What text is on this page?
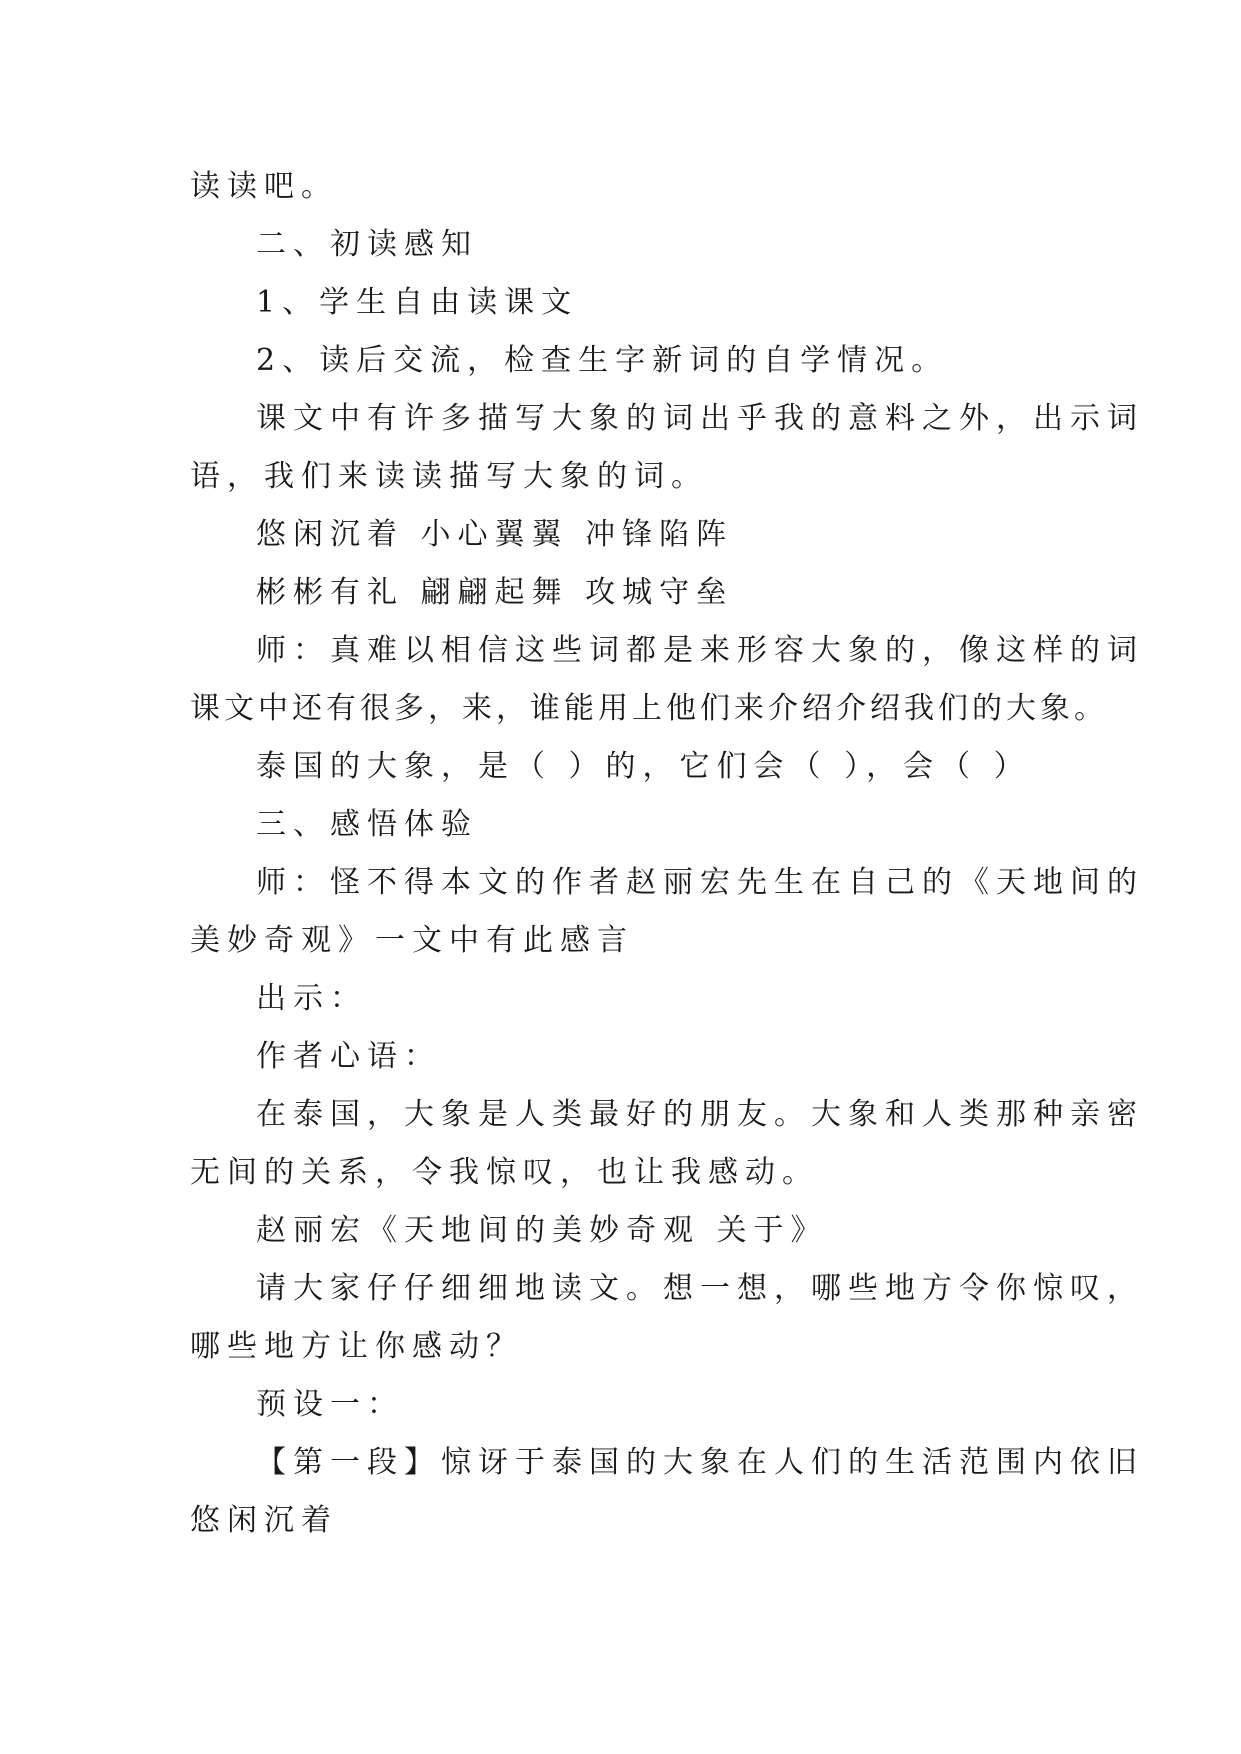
读读吧。
二、初读感知
1、学生自由读课文
2、读后交流，检查生字新词的自学情况。
课文中有许多描写大象的词出乎我的意料之外，出示词
语，我们来读读描写大象的词。
悠闲沉着 小心翼翼 冲锋陷阵
彬彬有礼 翩翩起舞 攻城守垒
师：真难以相信这些词都是来形容大象的，像这样的词
课文中还有很多，来，谁能用上他们来介绍介绍我们的大象。
泰国的大象，是（ ）的，它们会（ ），会（ ）
三、感悟体验
师：怪不得本文的作者赵丽宏先生在自己的《天地间的
美妙奇观》一文中有此感言
出示：
作者心语：
在泰国，大象是人类最好的朋友。大象和人类那种亲密
无间的关系，令我惊叹，也让我感动。
赵丽宏《天地间的美妙奇观 关于》
请大家仔仔细细地读文。想一想，哪些地方令你惊叹，
哪些地方让你感动？
预设一：
【第一段】惊讶于泰国的大象在人们的生活范围内依旧
悠闲沉着
